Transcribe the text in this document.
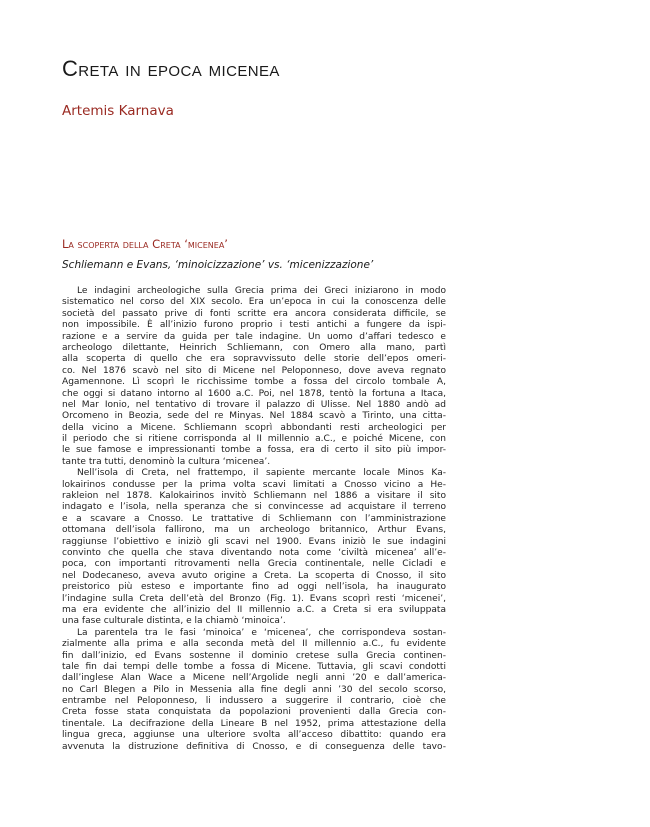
Creta in epoca micenea
Artemis Karnava
La scoperta della Creta ‘micenea’
Schliemann e Evans, ‘minoicizzazione’ vs. ‘micenizzazione’
Le indagini archeologiche sulla Grecia prima dei Greci iniziarono in modo
sistematico nel corso del XIX secolo. Era un’epoca in cui la conoscenza delle
società del passato prive di fonti scritte era ancora considerata difficile, se
non impossibile. È all’inizio furono proprio i testi antichi a fungere da ispi-
razione e a servire da guida per tale indagine. Un uomo d’affari tedesco e
archeologo dilettante, Heinrich Schliemann, con Omero alla mano, partì
alla scoperta di quello che era sopravvissuto delle storie dell’epos omeri-
co. Nel 1876 scavò nel sito di Micene nel Peloponneso, dove aveva regnato
Agamennone. Lì scoprì le ricchissime tombe a fossa del circolo tombale A,
che oggi si datano intorno al 1600 a.C. Poi, nel 1878, tentò la fortuna a Itaca,
nel Mar Ionio, nel tentativo di trovare il palazzo di Ulisse. Nel 1880 andò ad
Orcomeno in Beozia, sede del re Minyas. Nel 1884 scavò a Tirinto, una citta-
della vicino a Micene. Schliemann scoprì abbondanti resti archeologici per
il periodo che si ritiene corrisponda al II millennio a.C., e poiché Micene, con
le sue famose e impressionanti tombe a fossa, era di certo il sito più impor-
tante tra tutti, denominò la cultura ‘micenea’.
Nell’isola di Creta, nel frattempo, il sapiente mercante locale Minos Ka-
lokairinos condusse per la prima volta scavi limitati a Cnosso vicino a He-
rakleion nel 1878. Kalokairinos invitò Schliemann nel 1886 a visitare il sito
indagato e l’isola, nella speranza che si convincesse ad acquistare il terreno
e a scavare a Cnosso. Le trattative di Schliemann con l’amministrazione
ottomana dell’isola fallirono, ma un archeologo britannico, Arthur Evans,
raggiunse l’obiettivo e iniziò gli scavi nel 1900. Evans iniziò le sue indagini
convinto che quella che stava diventando nota come ‘civiltà micenea’ all’e-
poca, con importanti ritrovamenti nella Grecia continentale, nelle Cicladi e
nel Dodecaneso, aveva avuto origine a Creta. La scoperta di Cnosso, il sito
preistorico più esteso e importante fino ad oggi nell’isola, ha inaugurato
l’indagine sulla Creta dell’età del Bronzo (Fig. 1). Evans scoprì resti ‘micenei’,
ma era evidente che all’inizio del II millennio a.C. a Creta si era sviluppata
una fase culturale distinta, e la chiamò ‘minoica’.
La parentela tra le fasi ‘minoica’ e ‘micenea’, che corrispondeva sostan-
zialmente alla prima e alla seconda metà del II millennio a.C., fu evidente
fin dall’inizio, ed Evans sostenne il dominio cretese sulla Grecia continen-
tale fin dai tempi delle tombe a fossa di Micene. Tuttavia, gli scavi condotti
dall’inglese Alan Wace a Micene nell’Argolide negli anni ’20 e dall’america-
no Carl Blegen a Pilo in Messenia alla fine degli anni ’30 del secolo scorso,
entrambe nel Peloponneso, li indussero a suggerire il contrario, cioè che
Creta fosse stata conquistata da popolazioni provenienti dalla Grecia con-
tinentale. La decifrazione della Lineare B nel 1952, prima attestazione della
lingua greca, aggiunse una ulteriore svolta all’acceso dibattito: quando era
avvenuta la distruzione definitiva di Cnosso, e di conseguenza delle tavo-
